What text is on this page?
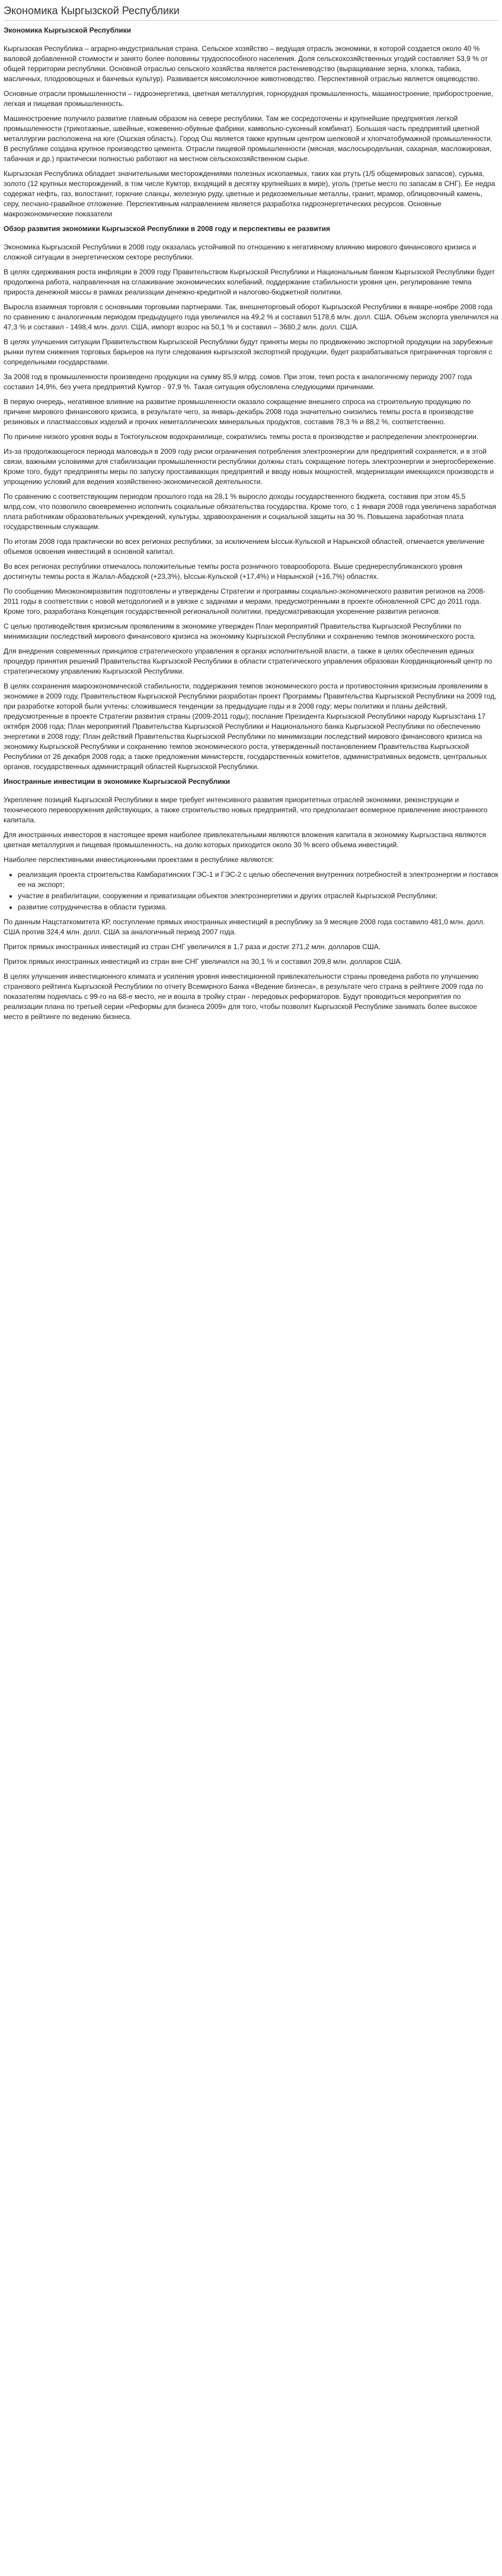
Экономика Кыргызской Республики
Экономика Кыргызской Республики

Кыргызская Республика – аграрно-индустриальная страна. Сельское хозяйство – ведущая отрасль экономики, в которой создается около 40 % валовой добавленной стоимости и занято более половины трудоспособного населения. Доля сельскохозяйственных угодий составляет 53,9 % от общей территории республики. Основной отраслью сельского хозяйства является растениеводство (выращивание зерна, хлопка, табака, масличных, плодоовощных и бахчевых культур). Развивается мясомолочное животноводство. Перспективной отраслью является овцеводство.

Основные отрасли промышленности – гидроэнергетика, цветная металлургия, горнорудная промышленность, машиностроение, приборостроение, легкая и пищевая промышленность.

Машиностроение получило развитие главным образом на севере республики. Там же сосредоточены и крупнейшие предприятия легкой промышленности (трикотажные, швейные, кожевенно-обувные фабрики, камвольно-суконный комбинат). Большая часть предприятий цветной металлургии расположена на юге (Ошская область). Город Ош является также крупным центром шелковой и хлопчатобумажной промышленности. В республике создана крупное производство цемента. Отрасли пищевой промышленности (мясная, маслосыродельная, сахарная, масложировая, табачная и др.) практически полностью работают на местном сельскохозяйственном сырье.

Кыргызская Республика обладает значительными месторождениями полезных ископаемых, таких как ртуть (1/5 общемировых запасов), сурьма, золото (12 крупных месторождений, в том числе Кумтор, входящий в десятку крупнейших в мире), уголь (третье место по запасам в СНГ). Ее недра содержат нефть, газ, волостанит, горючие сланцы, железную руду, цветные и редкоземельные металлы, гранит, мрамор, облицовочный камень, серу, песчано-гравийное отложение. Перспективным направлением является разработка гидроэнергетических ресурсов. Основные макроэкономические показатели

Обзор развития экономики Кыргызской Республики в 2008 году и перспективы ее развития

Экономика Кыргызской Республики в 2008 году оказалась устойчивой по отношению к негативному влиянию мирового финансового кризиса и сложной ситуации в энергетическом секторе республики.

В целях сдерживания роста инфляции в 2009 году Правительством Кыргызской Республики и Национальным банком Кыргызской Республики будет продолжена работа, направленная на сглаживание экономических колебаний, поддержание стабильности уровня цен, регулирование темпа прироста денежной массы в рамках реализации денежно-кредитной и налогово-бюджетной политики.

Выросла взаимная торговля с основными торговыми партнерами. Так, внешнеторговый оборот Кыргызской Республики в январе-ноябре 2008 года по сравнению с аналогичным периодом предыдущего года увеличился на 49,2 % и составил 5178,6 млн. долл. США. Объем экспорта увеличился на 47,3 % и составил - 1498,4 млн. долл. США, импорт возрос на 50,1 % и составил – 3680,2 млн. долл. США.

В целях улучшения ситуации Правительством Кыргызской Республики будут приняты меры по продвижению экспортной продукции на зарубежные рынки путем снижения торговых барьеров на пути следования кыргызской экспортной продукции, будет разрабатываться приграничная торговля с сопредельными государствами.

За 2008 год в промышленности произведено продукции на сумму 85,9 млрд. сомов. При этом, темп роста к аналогичному периоду 2007 года составил 14,9%, без учета предприятий Кумтор - 97,9 %. Такая ситуация обусловлена следующими причинами.

В первую очередь, негативное влияние на развитие промышленности оказало сокращение внешнего спроса на строительную продукцию по причине мирового финансового кризиса, в результате чего, за январь-декабрь 2008 года значительно снизились темпы роста в производстве резиновых и пластмассовых изделий и прочих неметаллических минеральных продуктов, составив 78,3 % и 88,2 %, соответственно.

По причине низкого уровня воды в Токтогульском водохранилище, сократились темпы роста в производстве и распределении электроэнергии.

Из-за продолжающегося периода маловодья в 2009 году риски ограничения потребления электроэнергии для предприятий сохраняется, и в этой связи, важными условиями для стабилизации промышленности республики должны стать сокращение потерь электроэнергии и энергосбережение. Кроме того, будут предприняты меры по запуску простаивающих предприятий и вводу новых мощностей, модернизации имеющихся производств и упрощению условий для ведения хозяйственно-экономической деятельности.

По сравнению с соответствующим периодом прошлого года на 28,1 % выросло доходы государственного бюджета, составив при этом 45,5 млрд.сом, что позволило своевременно исполнить социальные обязательства государства. Кроме того, с 1 января 2008 года увеличена заработная плата работникам образовательных учреждений, культуры, здравоохранения и социальной защиты на 30 %. Повышена заработная плата государственным служащим.

По итогам 2008 года практически во всех регионах республики, за исключением Ыссык-Кульской и Нарынской областей, отмечается увеличение объемов освоения инвестиций в основной капитал.

Во всех регионах республики отмечалось положительные темпы роста розничного товарооборота. Выше среднереспубликанского уровня достигнуты темпы роста в Жалал-Абадской (+23,3%), Ыссык-Кульской (+17,4%) и Нарынской (+16,7%) областях.

По сообщению Минэкономразвития подготовлены и утверждены Стратегии и программы социально-экономического развития регионов на 2008-2011 годы в соответствии с новой методологией и в увязке с задачами и мерами, предусмотренными в проекте обновленной СРС до 2011 года. Кроме того, разработана Концепция государственной региональной политики, предусматривающая укоренение развития регионов.

С целью противодействия кризисным проявлениям в экономике утвержден План мероприятий Правительства Кыргызской Республики по минимизации последствий мирового финансового кризиса на экономику Кыргызской Республики и сохранению темпов экономического роста.

Для внедрения современных принципов стратегического управления в органах исполнительной власти, а также в целях обеспечения единых процедур принятия решений Правительства Кыргызской Республики в области стратегического управления образован Координационный центр по стратегическому управлению Кыргызской Республики.

В целях сохранения макроэкономической стабильности, поддержания темпов экономического роста и противостояния кризисным проявлениям в экономике в 2009 году, Правительством Кыргызской Республики разработан проект Программы Правительства Кыргызской Республики на 2009 год, при разработке которой были учтены: сложившиеся тенденции за предыдущие годы и в 2008 году; меры политики и планы действий, предусмотренные в проекте Стратегии развития страны (2009-2011 годы); послание Президента Кыргызской Республики народу Кыргызстана 17 октября 2008 года; План мероприятий Правительства Кыргызской Республики и Национального банка Кыргызской Республики по обеспечению энергетики в 2008 году; План действий Правительства Кыргызской Республики по минимизации последствий мирового финансового кризиса на экономику Кыргызской Республики и сохранению темпов экономического роста, утвержденный постановлением Правительства Кыргызской Республики от 26 декабря 2008 года; а также предложения министерств, государственных комитетов, административных ведомств, центральных органов, государственных администраций областей Кыргызской Республики.

Иностранные инвестиции в экономике Кыргызской Республики

Укрепление позиций Кыргызской Республики в мире требует интенсивного развития приоритетных отраслей экономики, реконструкции и технического перевооружения действующих, а также строительство новых предприятий, что предполагает всемерное привлечение иностранного капитала.

Для иностранных инвесторов в настоящее время наиболее привлекательными являются вложения капитала в экономику Кыргызстана являются цветная металлургия и пищевая промышленность, на долю которых приходится около 30 % всего объема инвестиций.

Наиболее перспективными инвестиционными проектами в республике являются:

• реализация проекта строительства Камбаратинских ГЭС-1 и ГЭС-2 с целью обеспечения внутренних потребностей в электроэнергии и поставок ее на экспорт;
• участие в реабилитации, сооружении и приватизации объектов электроэнергетики и других отраслей Кыргызской Республики;
• развитие сотрудничества в области туризма.

По данным Нацстаткомитета КР, поступление прямых иностранных инвестиций в республику за 9 месяцев 2008 года составило 481,0 млн. долл. США против 324,4 млн. долл. США за аналогичный период 2007 года.

Приток прямых иностранных инвестиций из стран СНГ увеличился в 1,7 раза и достиг 271,2 млн. долларов США.

Приток прямых иностранных инвестиций из стран вне СНГ увеличился на 30,1 % и составил 209,8 млн. долларов США.

В целях улучшения инвестиционного климата и усиления уровня инвестиционной привлекательности страны проведена работа по улучшению странового рейтинга Кыргызской Республики по отчету Всемирного Банка «Ведение бизнеса», в результате чего страна в рейтинге 2009 года по показателям поднялась с 99-го на 68-е место, не и вошла в тройку стран - передовых реформаторов. Будут проводиться мероприятия по реализации плана по третьей серии «Реформы для бизнеса 2009» для того, чтобы позволит Кыргызской Республике занимать более высокое место в рейтинге по ведению бизнеса.
